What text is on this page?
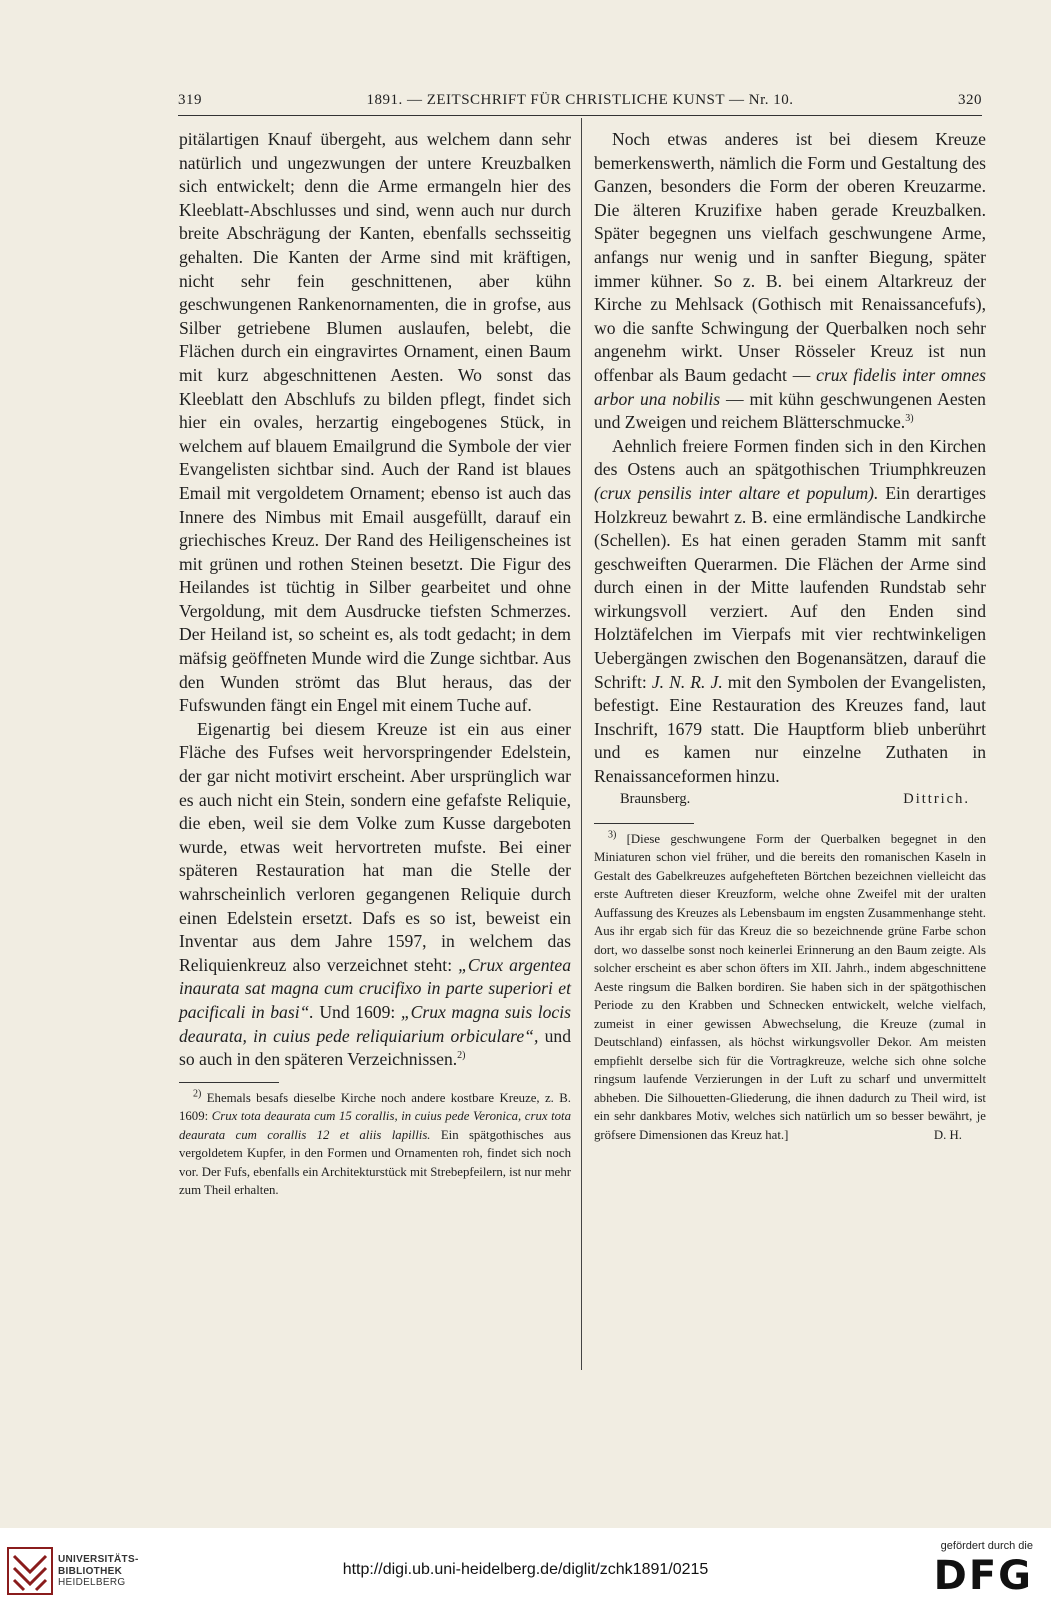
319	1891. — ZEITSCHRIFT FÜR CHRISTLICHE KUNST — Nr. 10.	320

pitälartigen Knauf übergeht, aus welchem dann sehr natürlich und ungezwungen der untere Kreuzbalken sich entwickelt; denn die Arme ermangeln hier des Kleeblatt-Abschlusses und sind, wenn auch nur durch breite Abschrägung der Kanten, ebenfalls sechsseitig gehalten. Die Kanten der Arme sind mit kräftigen, nicht sehr fein geschnittenen, aber kühn geschwungenen Rankenornamenten, die in grofse, aus Silber getriebene Blumen auslaufen, belebt, die Flächen durch ein eingravirtes Ornament, einen Baum mit kurz abgeschnittenen Aesten. Wo sonst das Kleeblatt den Abschlufs zu bilden pflegt, findet sich hier ein ovales, herzartig eingebogenes Stück, in welchem auf blauem Emailgrund die Symbole der vier Evangelisten sichtbar sind. Auch der Rand ist blaues Email mit vergoldetem Ornament; ebenso ist auch das Innere des Nimbus mit Email ausgefüllt, darauf ein griechisches Kreuz. Der Rand des Heiligenscheines ist mit grünen und rothen Steinen besetzt. Die Figur des Heilandes ist tüchtig in Silber gearbeitet und ohne Vergoldung, mit dem Ausdrucke tiefsten Schmerzes. Der Heiland ist, so scheint es, als todt gedacht; in dem mäfsig geöffneten Munde wird die Zunge sichtbar. Aus den Wunden strömt das Blut heraus, das der Fufswunden fängt ein Engel mit einem Tuche auf.

Eigenartig bei diesem Kreuze ist ein aus einer Fläche des Fufses weit hervorspringender Edelstein, der gar nicht motivirt erscheint. Aber ursprünglich war es auch nicht ein Stein, sondern eine gefafste Reliquie, die eben, weil sie dem Volke zum Kusse dargeboten wurde, etwas weit hervortreten mufste. Bei einer späteren Restauration hat man die Stelle der wahrscheinlich verloren gegangenen Reliquie durch einen Edelstein ersetzt. Dafs es so ist, beweist ein Inventar aus dem Jahre 1597, in welchem das Reliquienkreuz also verzeichnet steht: „Crux argentea inaurata sat magna cum crucifixo in parte superiori et pacificali in basi“. Und 1609: „Crux magna suis locis deaurata, in cuius pede reliquiarium orbiculare“, und so auch in den späteren Verzeichnissen.$^{2)}$

$^{2)}$ Ehemals besafs dieselbe Kirche noch andere kostbare Kreuze, z. B. 1609: Crux tota deaurata cum 15 corallis, in cuius pede Veronica, crux tota deaurata cum corallis 12 et aliis lapillis. Ein spätgothisches aus vergoldetem Kupfer, in den Formen und Ornamenten roh, findet sich noch vor. Der Fufs, ebenfalls ein Architekturstück mit Strebepfeilern, ist nur mehr zum Theil erhalten.

Noch etwas anderes ist bei diesem Kreuze bemerkenswerth, nämlich die Form und Gestaltung des Ganzen, besonders die Form der oberen Kreuzarme. Die älteren Kruzifixe haben gerade Kreuzbalken. Später begegnen uns vielfach geschwungene Arme, anfangs nur wenig und in sanfter Biegung, später immer kühner. So z. B. bei einem Altarkreuz der Kirche zu Mehlsack (Gothisch mit Renaissancefufs), wo die sanfte Schwingung der Querbalken noch sehr angenehm wirkt. Unser Rösseler Kreuz ist nun offenbar als Baum gedacht — crux fidelis inter omnes arbor una nobilis — mit kühn geschwungenen Aesten und Zweigen und reichem Blätterschmucke.$^{3)}$

Aehnlich freiere Formen finden sich in den Kirchen des Ostens auch an spätgothischen Triumphkreuzen (crux pensilis inter altare et populum). Ein derartiges Holzkreuz bewahrt z. B. eine ermländische Landkirche (Schellen). Es hat einen geraden Stamm mit sanft geschweiften Querarmen. Die Flächen der Arme sind durch einen in der Mitte laufenden Rundstab sehr wirkungsvoll verziert. Auf den Enden sind Holztäfelchen im Vierpafs mit vier rechtwinkeligen Uebergängen zwischen den Bogenansätzen, darauf die Schrift: J. N. R. J. mit den Symbolen der Evangelisten, befestigt. Eine Restauration des Kreuzes fand, laut Inschrift, 1679 statt. Die Hauptform blieb unberührt und es kamen nur einzelne Zuthaten in Renaissanceformen hinzu.

Braunsberg.	Dittrich.

$^{3)}$ [Diese geschwungene Form der Querbalken begegnet in den Miniaturen schon viel früher, und die bereits den romanischen Kaseln in Gestalt des Gabelkreuzes aufgehefteten Börtchen bezeichnen vielleicht das erste Auftreten dieser Kreuzform, welche ohne Zweifel mit der uralten Auffassung des Kreuzes als Lebensbaum im engsten Zusammenhange steht. Aus ihr ergab sich für das Kreuz die so bezeichnende grüne Farbe schon dort, wo dasselbe sonst noch keinerlei Erinnerung an den Baum zeigte. Als solcher erscheint es aber schon öfters im XII. Jahrh., indem abgeschnittene Aeste ringsum die Balken bordiren. Sie haben sich in der spätgothischen Periode zu den Krabben und Schnecken entwickelt, welche vielfach, zumeist in einer gewissen Abwechselung, die Kreuze (zumal in Deutschland) einfassen, als höchst wirkungsvoller Dekor. Am meisten empfiehlt derselbe sich für die Vortragkreuze, welche sich ohne solche ringsum laufende Verzierungen in der Luft zu scharf und unvermittelt abheben. Die Silhouetten-Gliederung, die ihnen dadurch zu Theil wird, ist ein sehr dankbares Motiv, welches sich natürlich um so besser bewährt, je gröfsere Dimensionen das Kreuz hat.]	D. H.

UNIVERSITÄTS-
BIBLIOTHEK
HEIDELBERG
http://digi.ub.uni-heidelberg.de/diglit/zchk1891/0215
gefördert durch die
DFG
